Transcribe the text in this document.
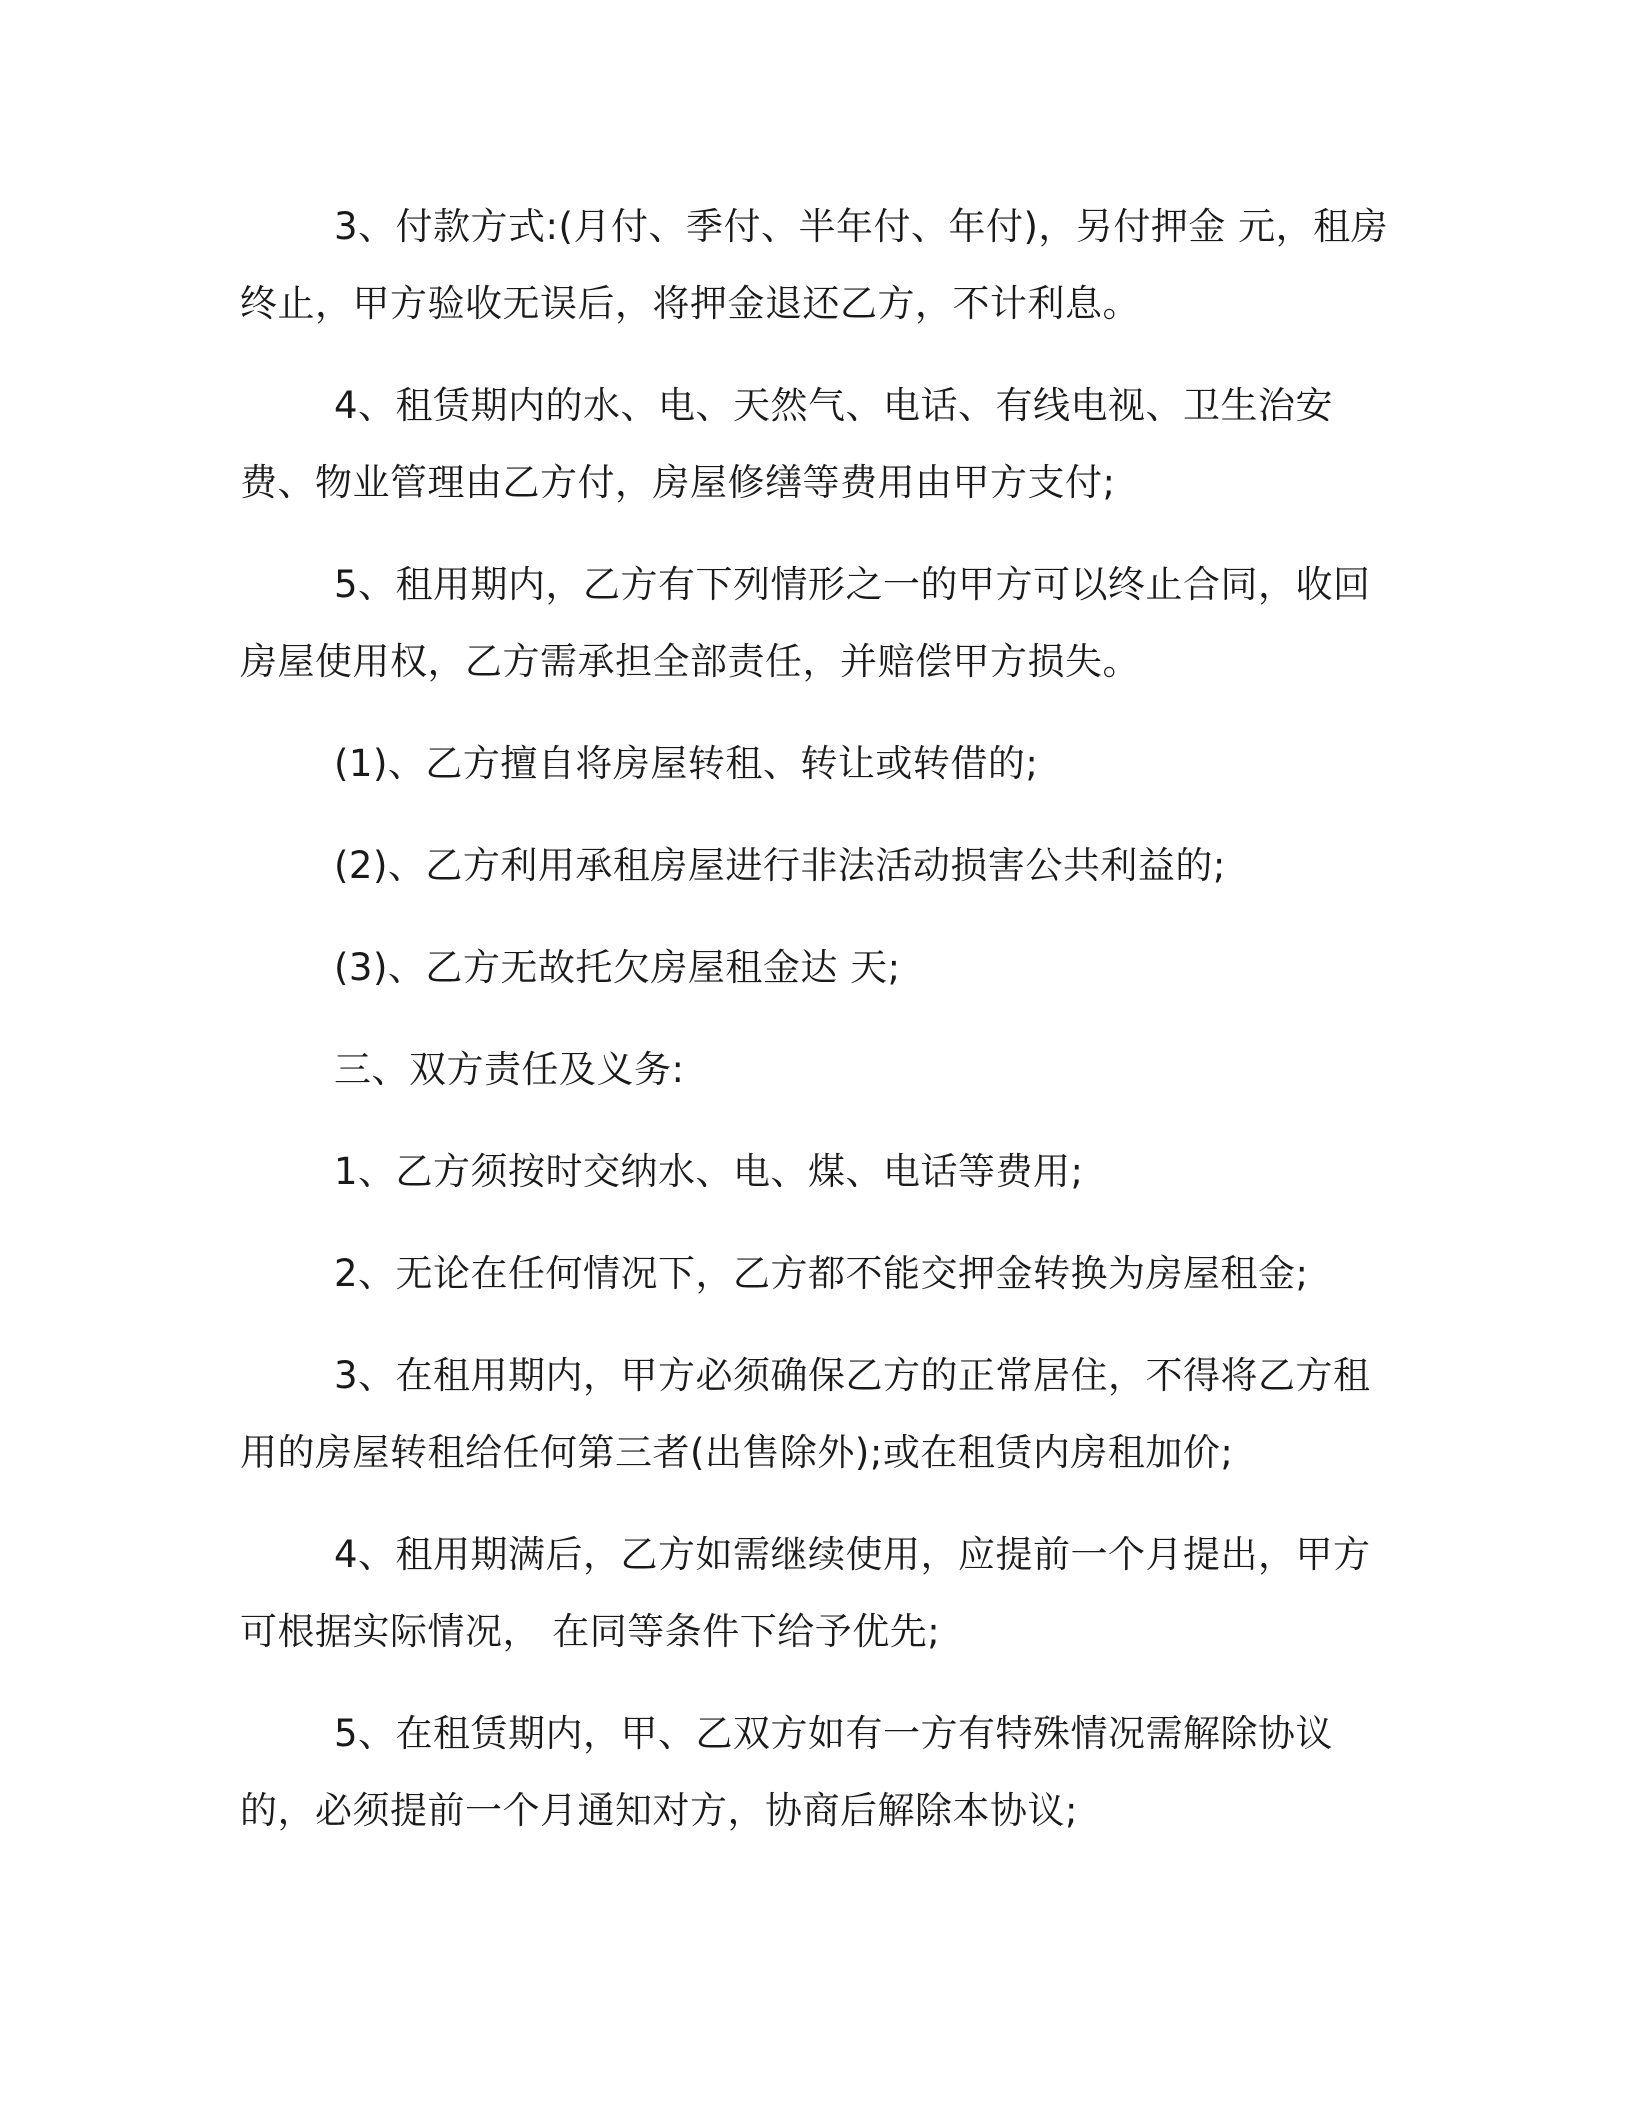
3、付款方式:(月付、季付、半年付、年付)，另付押金 元，租房终止，甲方验收无误后，将押金退还乙方，不计利息。

4、租赁期内的水、电、天然气、电话、有线电视、卫生治安费、物业管理由乙方付，房屋修缮等费用由甲方支付;

5、租用期内，乙方有下列情形之一的甲方可以终止合同，收回房屋使用权，乙方需承担全部责任，并赔偿甲方损失。

(1)、乙方擅自将房屋转租、转让或转借的;

(2)、乙方利用承租房屋进行非法活动损害公共利益的;

(3)、乙方无故托欠房屋租金达 天;

三、双方责任及义务:

1、乙方须按时交纳水、电、煤、电话等费用;

2、无论在任何情况下，乙方都不能交押金转换为房屋租金;

3、在租用期内，甲方必须确保乙方的正常居住，不得将乙方租用的房屋转租给任何第三者(出售除外);或在租赁内房租加价;

4、租用期满后，乙方如需继续使用，应提前一个月提出，甲方可根据实际情况， 在同等条件下给予优先;

5、在租赁期内，甲、乙双方如有一方有特殊情况需解除协议的，必须提前一个月通知对方，协商后解除本协议;
